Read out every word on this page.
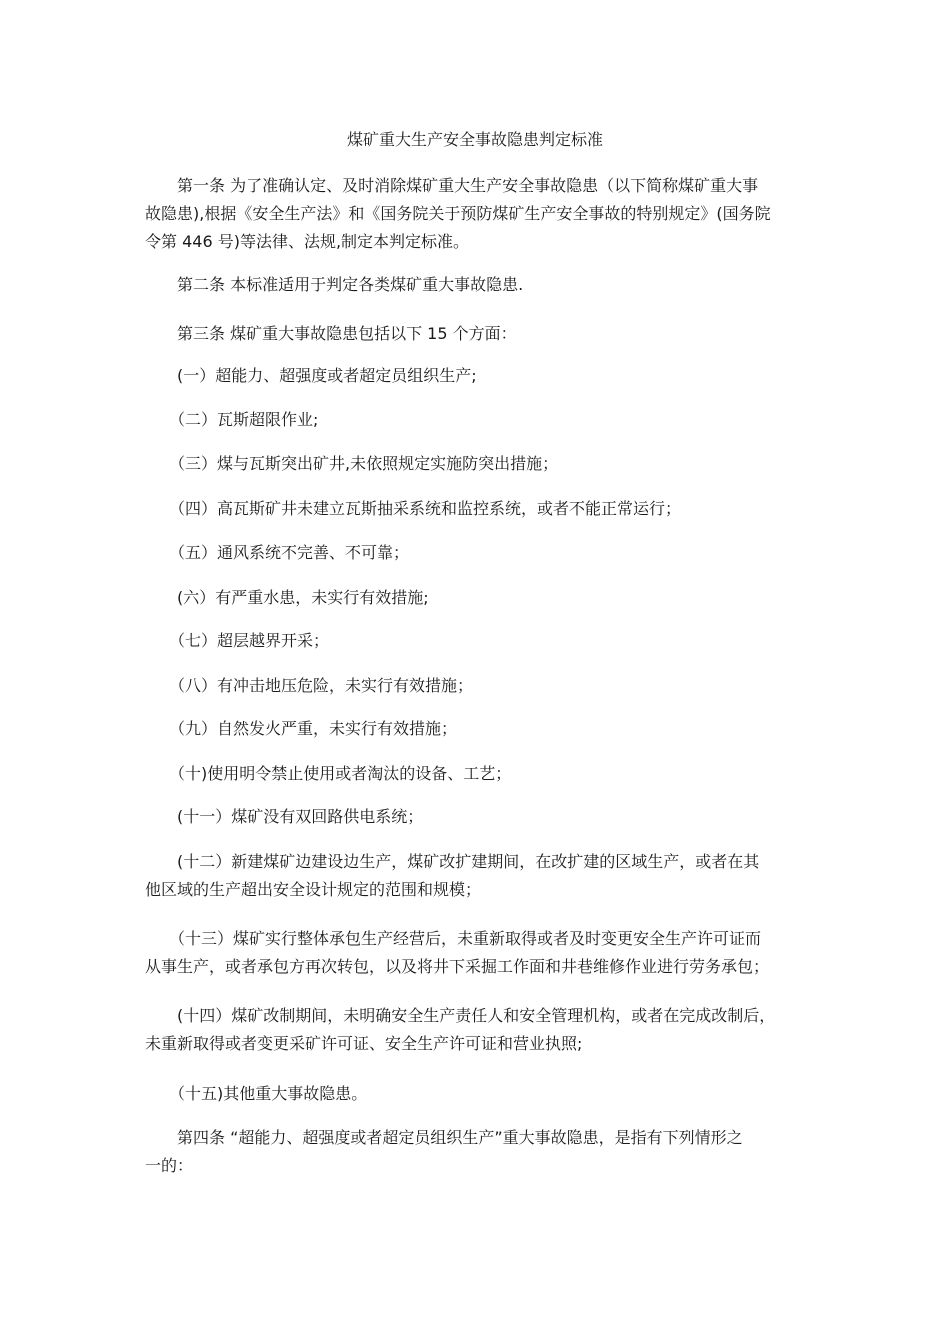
煤矿重大生产安全事故隐患判定标准
　　第一条 为了准确认定、及时消除煤矿重大生产安全事故隐患（以下简称煤矿重大事
故隐患),根据《安全生产法》和《国务院关于预防煤矿生产安全事故的特别规定》(国务院
令第 446 号)等法律、法规,制定本判定标准。
　　第二条 本标准适用于判定各类煤矿重大事故隐患.
　　第三条 煤矿重大事故隐患包括以下 15 个方面：
　　(一）超能力、超强度或者超定员组织生产;
　　（二）瓦斯超限作业;
　　（三）煤与瓦斯突出矿井,未依照规定实施防突出措施；
　　（四）高瓦斯矿井未建立瓦斯抽采系统和监控系统，或者不能正常运行；
　　（五）通风系统不完善、不可靠；
　　(六）有严重水患，未实行有效措施;
　　（七）超层越界开采；
　　（八）有冲击地压危险，未实行有效措施；
　　（九）自然发火严重，未实行有效措施；
　　（十)使用明令禁止使用或者淘汰的设备、工艺；
　　(十一）煤矿没有双回路供电系统；
　　(十二）新建煤矿边建设边生产，煤矿改扩建期间，在改扩建的区域生产，或者在其
他区域的生产超出安全设计规定的范围和规模；
　　（十三）煤矿实行整体承包生产经营后，未重新取得或者及时变更安全生产许可证而
从事生产，或者承包方再次转包，以及将井下采掘工作面和井巷维修作业进行劳务承包；
　　(十四）煤矿改制期间，未明确安全生产责任人和安全管理机构，或者在完成改制后，
未重新取得或者变更采矿许可证、安全生产许可证和营业执照;
　　（十五)其他重大事故隐患。
　　第四条 “超能力、超强度或者超定员组织生产”重大事故隐患，是指有下列情形之
一的：
